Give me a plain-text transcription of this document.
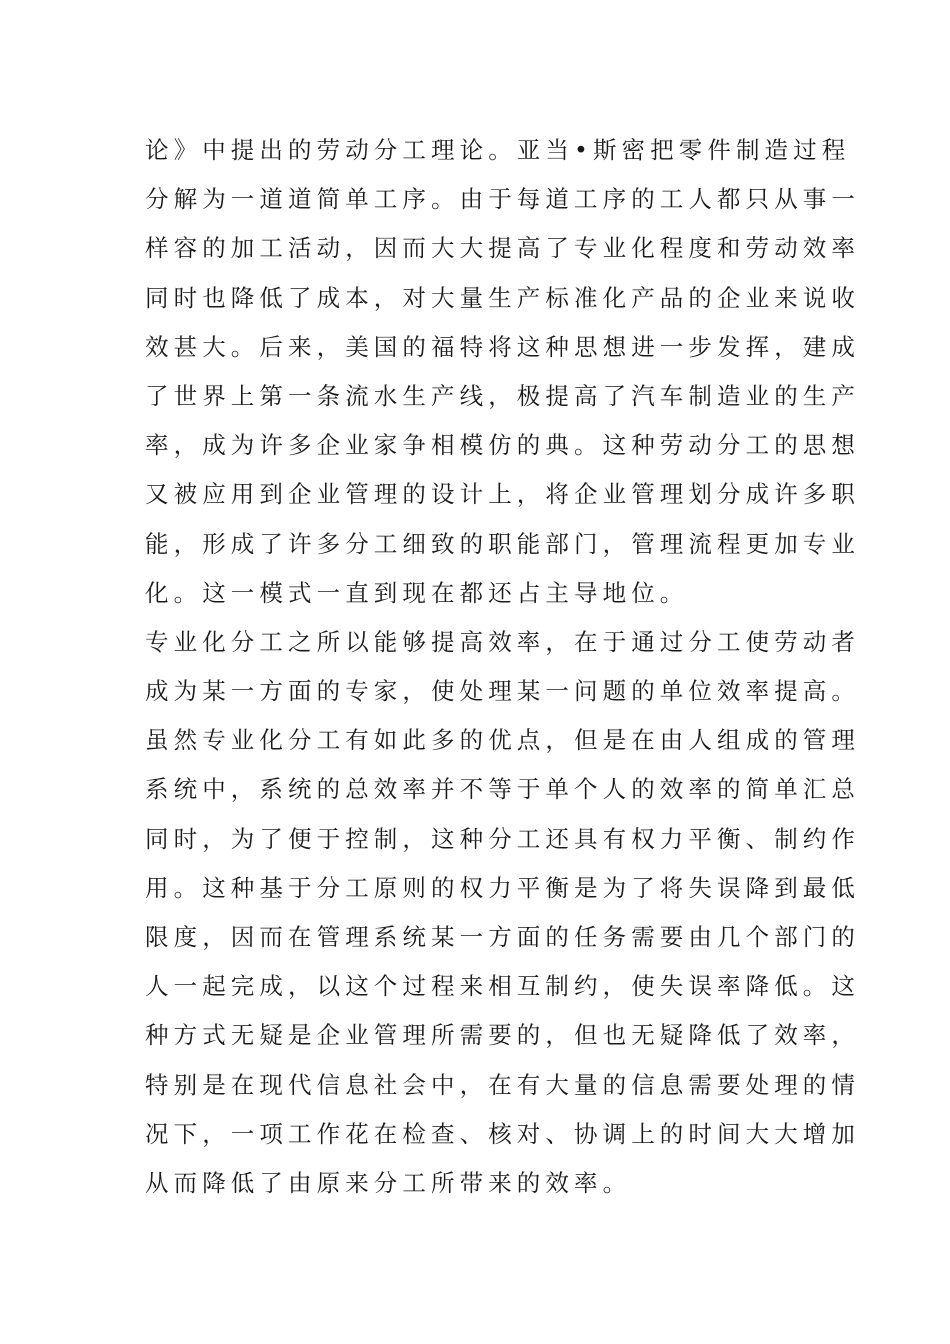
论》中提出的劳动分工理论。亚当•斯密把零件制造过程
分解为一道道简单工序。由于每道工序的工人都只从事一
样容的加工活动，因而大大提高了专业化程度和劳动效率
同时也降低了成本，对大量生产标准化产品的企业来说收
效甚大。后来，美国的福特将这种思想进一步发挥，建成
了世界上第一条流水生产线，极提高了汽车制造业的生产
率，成为许多企业家争相模仿的典。这种劳动分工的思想
又被应用到企业管理的设计上，将企业管理划分成许多职
能，形成了许多分工细致的职能部门，管理流程更加专业
化。这一模式一直到现在都还占主导地位。
专业化分工之所以能够提高效率，在于通过分工使劳动者
成为某一方面的专家，使处理某一问题的单位效率提高。
虽然专业化分工有如此多的优点，但是在由人组成的管理
系统中，系统的总效率并不等于单个人的效率的简单汇总
同时，为了便于控制，这种分工还具有权力平衡、制约作
用。这种基于分工原则的权力平衡是为了将失误降到最低
限度，因而在管理系统某一方面的任务需要由几个部门的
人一起完成，以这个过程来相互制约，使失误率降低。这
种方式无疑是企业管理所需要的，但也无疑降低了效率，
特别是在现代信息社会中，在有大量的信息需要处理的情
况下，一项工作花在检查、核对、协调上的时间大大增加
从而降低了由原来分工所带来的效率。
